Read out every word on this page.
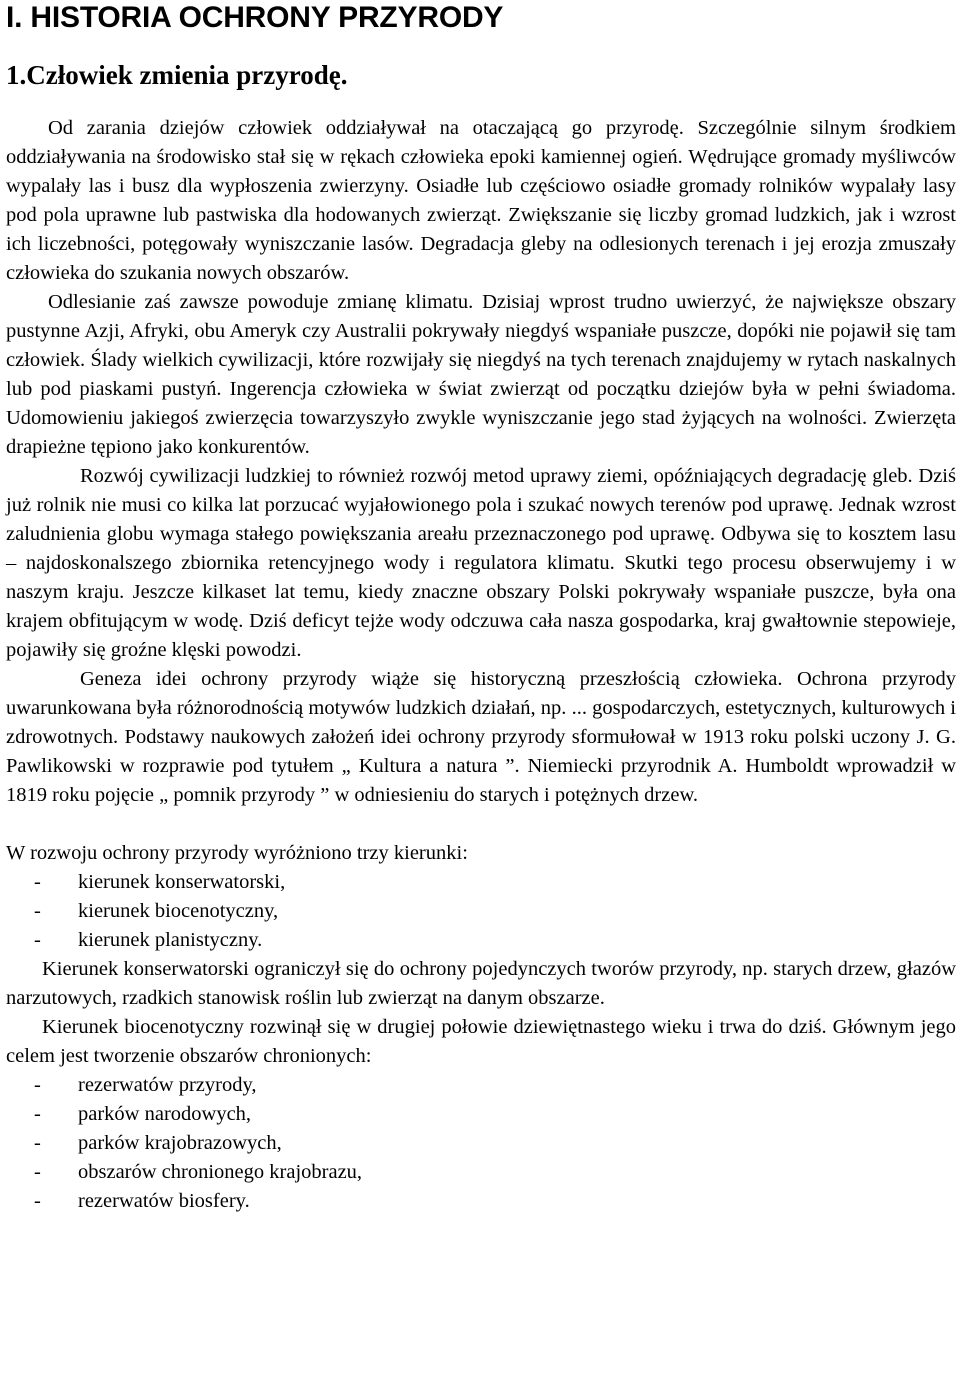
I. HISTORIA OCHRONY PRZYRODY
1.Człowiek zmienia przyrodę.

Od zarania dziejów człowiek oddziaływał na otaczającą go przyrodę. Szczególnie silnym środkiem oddziaływania na środowisko stał się w rękach człowieka epoki kamiennej ogień. Wędrujące gromady myśliwców wypalały las i busz dla wypłoszenia zwierzyny. Osiadłe lub częściowo osiadłe gromady rolników wypalały lasy pod pola uprawne lub pastwiska dla hodowanych zwierząt. Zwiększanie się liczby gromad ludzkich, jak i wzrost ich liczebności, potęgowały wyniszczanie lasów. Degradacja gleby na odlesionych terenach i jej erozja zmuszały człowieka do szukania nowych obszarów.

Odlesianie zaś zawsze powoduje zmianę klimatu. Dzisiaj wprost trudno uwierzyć, że największe obszary pustynne Azji, Afryki, obu Ameryk czy Australii pokrywały niegdyś wspaniałe puszcze, dopóki nie pojawił się tam człowiek. Ślady wielkich cywilizacji, które rozwijały się niegdyś na tych terenach znajdujemy w rytach naskalnych lub pod piaskami pustyń. Ingerencja człowieka w świat zwierząt od początku dziejów była w pełni świadoma. Udomowieniu jakiegoś zwierzęcia towarzyszyło zwykle wyniszczanie jego stad żyjących na wolności. Zwierzęta drapieżne tępiono jako konkurentów.

Rozwój cywilizacji ludzkiej to również rozwój metod uprawy ziemi, opóźniających degradację gleb. Dziś już rolnik nie musi co kilka lat porzucać wyjałowionego pola i szukać nowych terenów pod uprawę. Jednak wzrost zaludnienia globu wymaga stałego powiększania areału przeznaczonego pod uprawę. Odbywa się to kosztem lasu – najdoskonalszego zbiornika retencyjnego wody i regulatora klimatu. Skutki tego procesu obserwujemy i w naszym kraju. Jeszcze kilkaset lat temu, kiedy znaczne obszary Polski pokrywały wspaniałe puszcze, była ona krajem obfitującym w wodę. Dziś deficyt tejże wody odczuwa cała nasza gospodarka, kraj gwałtownie stepowieje, pojawiły się groźne klęski powodzi.

Geneza idei ochrony przyrody wiąże się historyczną przeszłością człowieka. Ochrona przyrody uwarunkowana była różnorodnością motywów ludzkich działań, np. ... gospodarczych, estetycznych, kulturowych i zdrowotnych. Podstawy naukowych założeń idei ochrony przyrody sformułował w 1913 roku polski uczony J. G. Pawlikowski w rozprawie pod tytułem „ Kultura a natura ”. Niemiecki przyrodnik A. Humboldt wprowadził w 1819 roku pojęcie „ pomnik przyrody ” w odniesieniu do starych i potężnych drzew.

W rozwoju ochrony przyrody wyróżniono trzy kierunki:

-	kierunek konserwatorski,
-	kierunek biocenotyczny,
-	kierunek planistyczny.

Kierunek konserwatorski ograniczył się do ochrony pojedynczych tworów przyrody, np. starych drzew, głazów narzutowych, rzadkich stanowisk roślin lub zwierząt na danym obszarze.

Kierunek biocenotyczny rozwinął się w drugiej połowie dziewiętnastego wieku i trwa do dziś. Głównym jego celem jest tworzenie obszarów chronionych:

-	rezerwatów przyrody,
-	parków narodowych,
-	parków krajobrazowych,
-	obszarów chronionego krajobrazu,
-	rezerwatów biosfery.
